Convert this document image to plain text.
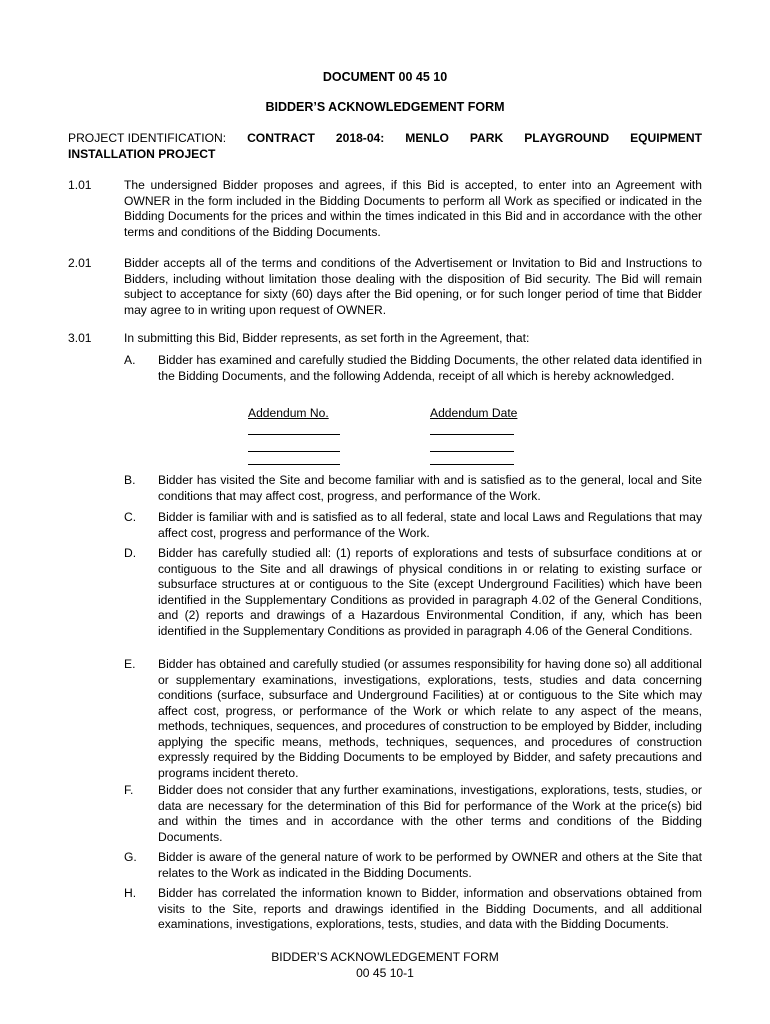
DOCUMENT 00 45 10
BIDDER’S ACKNOWLEDGEMENT FORM
PROJECT IDENTIFICATION: CONTRACT 2018-04: MENLO PARK PLAYGROUND EQUIPMENT
INSTALLATION PROJECT
1.01	The undersigned Bidder proposes and agrees, if this Bid is accepted, to enter into an Agreement with OWNER in the form included in the Bidding Documents to perform all Work as specified or indicated in the Bidding Documents for the prices and within the times indicated in this Bid and in accordance with the other terms and conditions of the Bidding Documents.
2.01	Bidder accepts all of the terms and conditions of the Advertisement or Invitation to Bid and Instructions to Bidders, including without limitation those dealing with the disposition of Bid security. The Bid will remain subject to acceptance for sixty (60) days after the Bid opening, or for such longer period of time that Bidder may agree to in writing upon request of OWNER.
3.01	In submitting this Bid, Bidder represents, as set forth in the Agreement, that:
A. Bidder has examined and carefully studied the Bidding Documents, the other related data identified in the Bidding Documents, and the following Addenda, receipt of all which is hereby acknowledged.
Addendum No.	Addendum Date
B. Bidder has visited the Site and become familiar with and is satisfied as to the general, local and Site conditions that may affect cost, progress, and performance of the Work.
C. Bidder is familiar with and is satisfied as to all federal, state and local Laws and Regulations that may affect cost, progress and performance of the Work.
D. Bidder has carefully studied all: (1) reports of explorations and tests of subsurface conditions at or contiguous to the Site and all drawings of physical conditions in or relating to existing surface or subsurface structures at or contiguous to the Site (except Underground Facilities) which have been identified in the Supplementary Conditions as provided in paragraph 4.02 of the General Conditions, and (2) reports and drawings of a Hazardous Environmental Condition, if any, which has been identified in the Supplementary Conditions as provided in paragraph 4.06 of the General Conditions.
E. Bidder has obtained and carefully studied (or assumes responsibility for having done so) all additional or supplementary examinations, investigations, explorations, tests, studies and data concerning conditions (surface, subsurface and Underground Facilities) at or contiguous to the Site which may affect cost, progress, or performance of the Work or which relate to any aspect of the means, methods, techniques, sequences, and procedures of construction to be employed by Bidder, including applying the specific means, methods, techniques, sequences, and procedures of construction expressly required by the Bidding Documents to be employed by Bidder, and safety precautions and programs incident thereto.
F. Bidder does not consider that any further examinations, investigations, explorations, tests, studies, or data are necessary for the determination of this Bid for performance of the Work at the price(s) bid and within the times and in accordance with the other terms and conditions of the Bidding Documents.
G. Bidder is aware of the general nature of work to be performed by OWNER and others at the Site that relates to the Work as indicated in the Bidding Documents.
H. Bidder has correlated the information known to Bidder, information and observations obtained from visits to the Site, reports and drawings identified in the Bidding Documents, and all additional examinations, investigations, explorations, tests, studies, and data with the Bidding Documents.
BIDDER’S ACKNOWLEDGEMENT FORM
00 45 10-1
